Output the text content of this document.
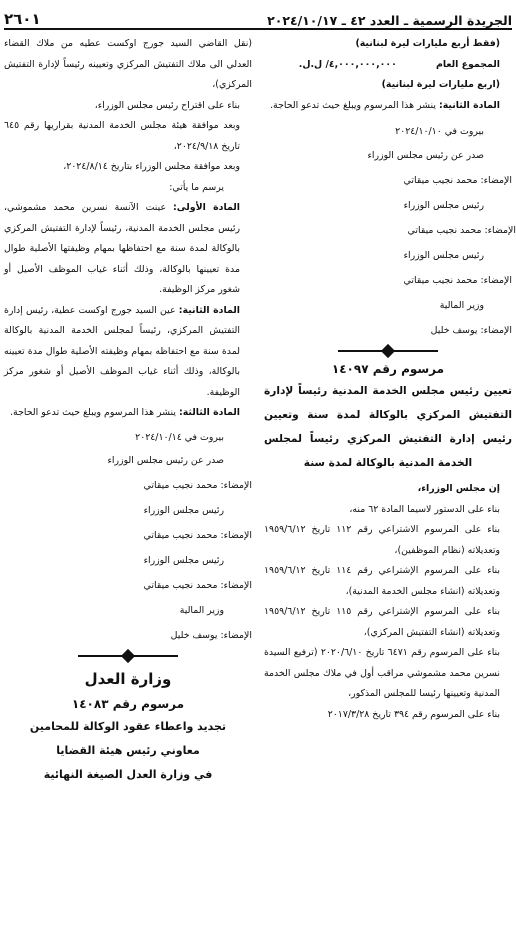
الجريدة الرسمية ـ العدد ٤٢ ـ ٢٠٢٤/١٠/١٧
٢٦٠١

(فقط أربع مليارات ليرة لبنانية)

المجموع العام            ٤,٠٠٠,٠٠٠,٠٠٠/ ل.ل.

(اربع مليارات ليرة لبنانية)

المادة الثانية: ينشر هذا المرسوم ويبلغ حيث تدعو الحاجة.

بيروت في ٢٠٢٤/١٠/١٠

صدر عن رئيس مجلس الوزراء

الإمضاء: محمد نجيب ميقاتي

رئيس مجلس الوزراء

الإمضاء: محمد نجيب ميقاتي

رئيس مجلس الوزراء

الإمضاء: محمد نجيب ميقاتي

وزير المالية

الإمضاء: يوسف خليل

مرسوم رقم ١٤٠٩٧

تعيين رئيس مجلس الخدمة المدنية رئيساً لإدارة التفتيش المركزي بالوكالة لمدة سنة وتعيين رئيس إدارة التفتيش المركزي رئيساً لمجلس الخدمة المدنية بالوكالة لمدة سنة

إن مجلس الوزراء،

بناء على الدستور لاسيما المادة ٦٢ منه،

بناء على المرسوم الاشتراعي رقم ١١٢ تاريخ ١٩٥٩/٦/١٢ وتعديلاته (نظام الموظفين)،

بناء على المرسوم الإشتراعي رقم ١١٤ تاريخ ١٩٥٩/٦/١٢ وتعديلاته (انشاء مجلس الخدمة المدنية)،

بناء على المرسوم الإشتراعي رقم ١١٥ تاريخ ١٩٥٩/٦/١٢ وتعديلاته (انشاء التفتيش المركزي)،

بناء على المرسوم رقم ٦٤٧١ تاريخ ٢٠٢٠/٦/١٠ (ترفيع السيدة نسرين محمد مشموشي مراقب أول في ملاك مجلس الخدمة المدنية وتعيينها رئيسا للمجلس المذكور،

بناء على المرسوم رقم ٣٩٤ تاريخ ٢٠١٧/٣/٢٨

(نقل القاضي السيد جورج اوكست عطيه من ملاك القضاء العدلي الى ملاك التفتيش المركزي وتعيينه رئيساً لإدارة التفتيش المركزي)،

بناء على اقتراح رئيس مجلس الوزراء،

وبعد موافقة هيئة مجلس الخدمة المدنية بقراريها رقم ٦٤٥ تاريخ ٢٠٢٤/٩/١٨،

وبعد موافقة مجلس الوزراء بتاريخ ٢٠٢٤/٨/١٤،

يرسم ما يأتي:

المادة الأولى: عينت الآنسة نسرين محمد مشموشي، رئيس مجلس الخدمة المدنية، رئيساً لإدارة التفتيش المركزي بالوكالة لمدة سنة مع احتفاظها بمهام وظيفتها الأصلية طوال مدة تعيينها بالوكالة، وذلك أثناء غياب الموظف الأصيل أو شغور مركز الوظيفة.

المادة الثانية: عين السيد جورج اوكست عطية، رئيس إدارة التفتيش المركزي، رئيساً لمجلس الخدمة المدنية بالوكالة لمدة سنة مع احتفاظه بمهام وظيفته الأصلية طوال مدة تعيينه بالوكالة، وذلك أثناء غياب الموظف الأصيل أو شغور مركز الوظيفة.

المادة الثالثة: ينشر هذا المرسوم ويبلغ حيث تدعو الحاجة.

بيروت في ٢٠٢٤/١٠/١٤

صدر عن رئيس مجلس الوزراء

الإمضاء: محمد نجيب ميقاتي

رئيس مجلس الوزراء

الإمضاء: محمد نجيب ميقاتي

رئيس مجلس الوزراء

الإمضاء: محمد نجيب ميقاتي

وزير المالية

الإمضاء: يوسف خليل

وزارة العدل

مرسوم رقم ١٤٠٨٣

تجديد واعطاء عقود الوكالة للمحامين

معاوني رئيس هيئة القضايا

في وزارة العدل الصيغة النهائية
